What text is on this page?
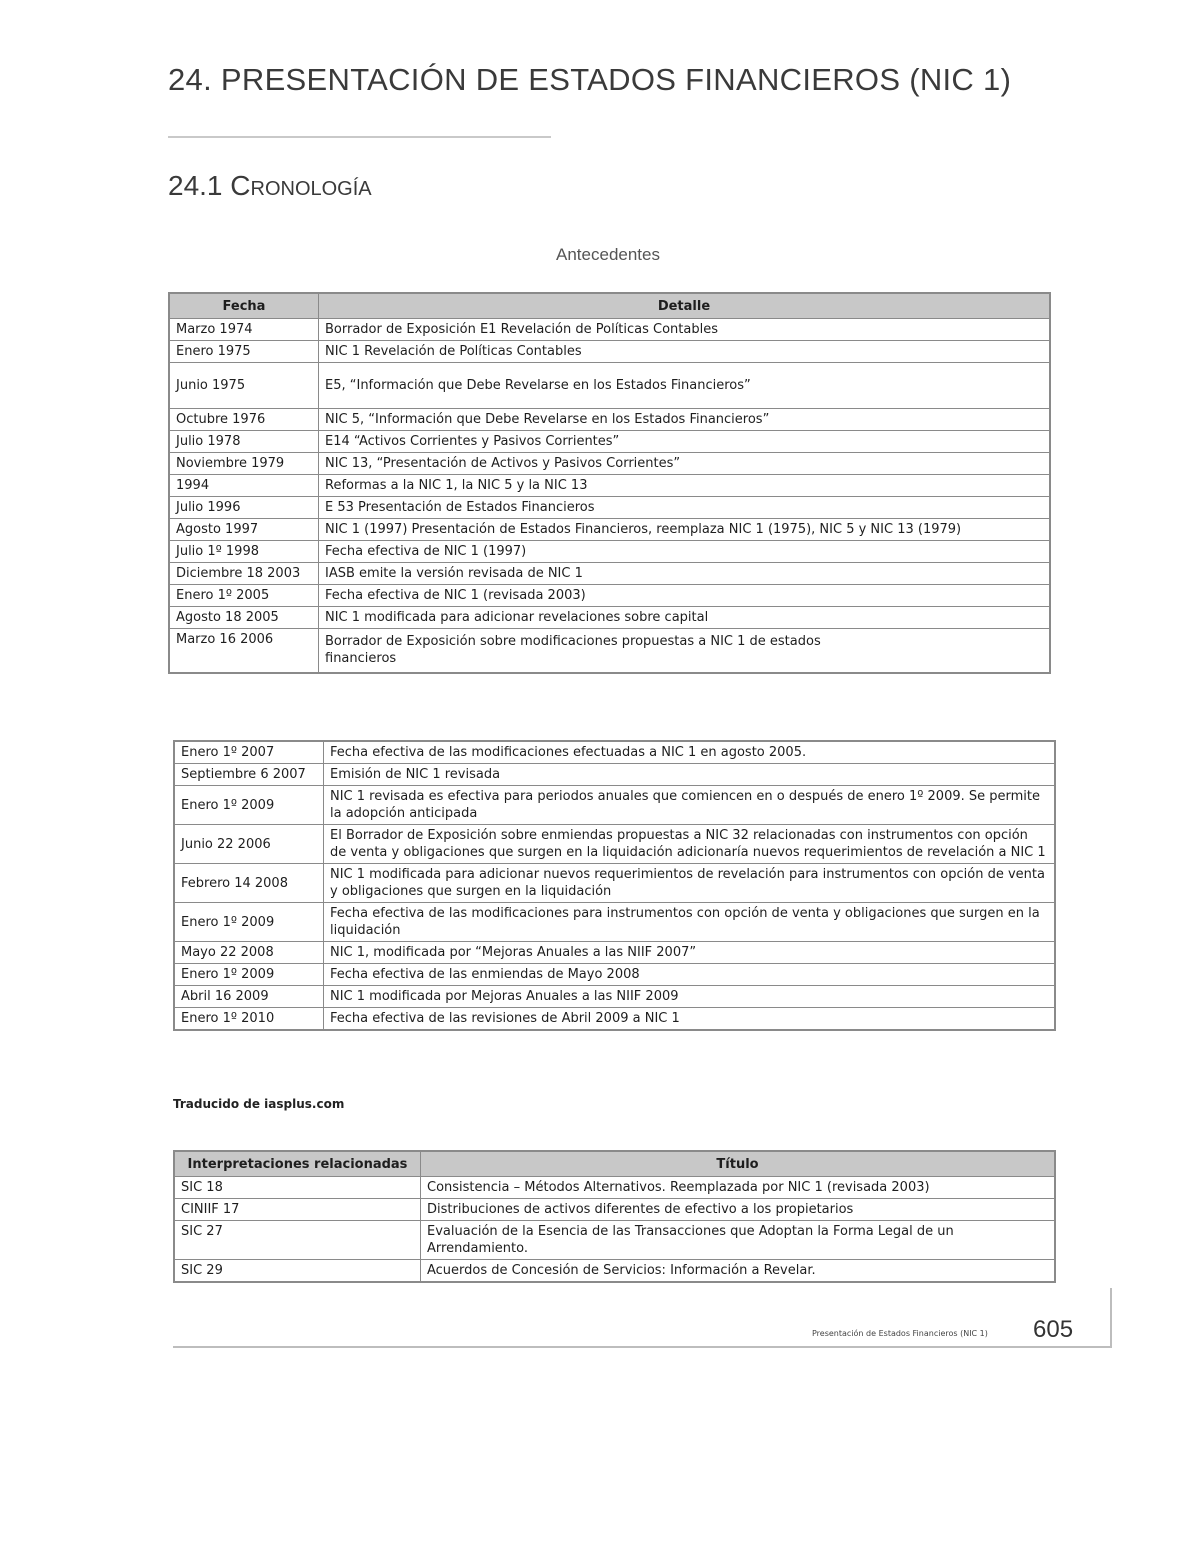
24. PRESENTACIÓN DE ESTADOS FINANCIEROS (NIC 1)
24.1 Cronología
Antecedentes
Fecha	Detalle
Marzo 1974	Borrador de Exposición E1 Revelación de Políticas Contables
Enero 1975	NIC 1 Revelación de Políticas Contables
Junio 1975	E5, “Información que Debe Revelarse en los Estados Financieros”
Octubre 1976	NIC 5, “Información que Debe Revelarse en los Estados Financieros”
Julio 1978	E14 “Activos Corrientes y Pasivos Corrientes”
Noviembre 1979	NIC 13, “Presentación de Activos y Pasivos Corrientes”
1994	Reformas a la NIC 1, la NIC 5 y la NIC 13
Julio 1996	E 53 Presentación de Estados Financieros
Agosto 1997	NIC 1 (1997) Presentación de Estados Financieros, reemplaza NIC 1 (1975), NIC 5 y NIC 13 (1979)
Julio 1º 1998	Fecha efectiva de NIC 1 (1997)
Diciembre 18 2003	IASB emite la versión revisada de NIC 1
Enero 1º 2005	Fecha efectiva de NIC 1 (revisada 2003)
Agosto 18 2005	NIC 1 modificada para adicionar revelaciones sobre capital
Marzo 16 2006	Borrador de Exposición sobre modificaciones propuestas a NIC 1 de estados financieros
Enero 1º 2007	Fecha efectiva de las modificaciones efectuadas a NIC 1 en agosto 2005.
Septiembre 6 2007	Emisión de NIC 1 revisada
Enero 1º 2009	NIC 1 revisada es efectiva para periodos anuales que comiencen en o después de enero 1º 2009. Se permite la adopción anticipada
Junio 22 2006	El Borrador de Exposición sobre enmiendas propuestas a NIC 32 relacionadas con instrumentos con opción de venta y obligaciones que surgen en la liquidación adicionaría nuevos requerimientos de revelación a NIC 1
Febrero 14 2008	NIC 1 modificada para adicionar nuevos requerimientos de revelación para instrumentos con opción de venta y obligaciones que surgen en la liquidación
Enero 1º 2009	Fecha efectiva de las modificaciones para instrumentos con opción de venta y obligaciones que surgen en la liquidación
Mayo 22 2008	NIC 1, modificada por “Mejoras Anuales a las NIIF 2007”
Enero 1º 2009	Fecha efectiva de las enmiendas de Mayo 2008
Abril 16 2009	NIC 1 modificada por Mejoras Anuales a las NIIF 2009
Enero 1º 2010	Fecha efectiva de las revisiones de Abril 2009 a NIC 1
Traducido de iasplus.com
Interpretaciones relacionadas	Título
SIC 18	Consistencia – Métodos Alternativos. Reemplazada por NIC 1 (revisada 2003)
CINIIF 17	Distribuciones de activos diferentes de efectivo a los propietarios
SIC 27	Evaluación de la Esencia de las Transacciones que Adoptan la Forma Legal de un Arrendamiento.
SIC 29	Acuerdos de Concesión de Servicios: Información a Revelar.
Presentación de Estados Financieros (NIC 1) 605
